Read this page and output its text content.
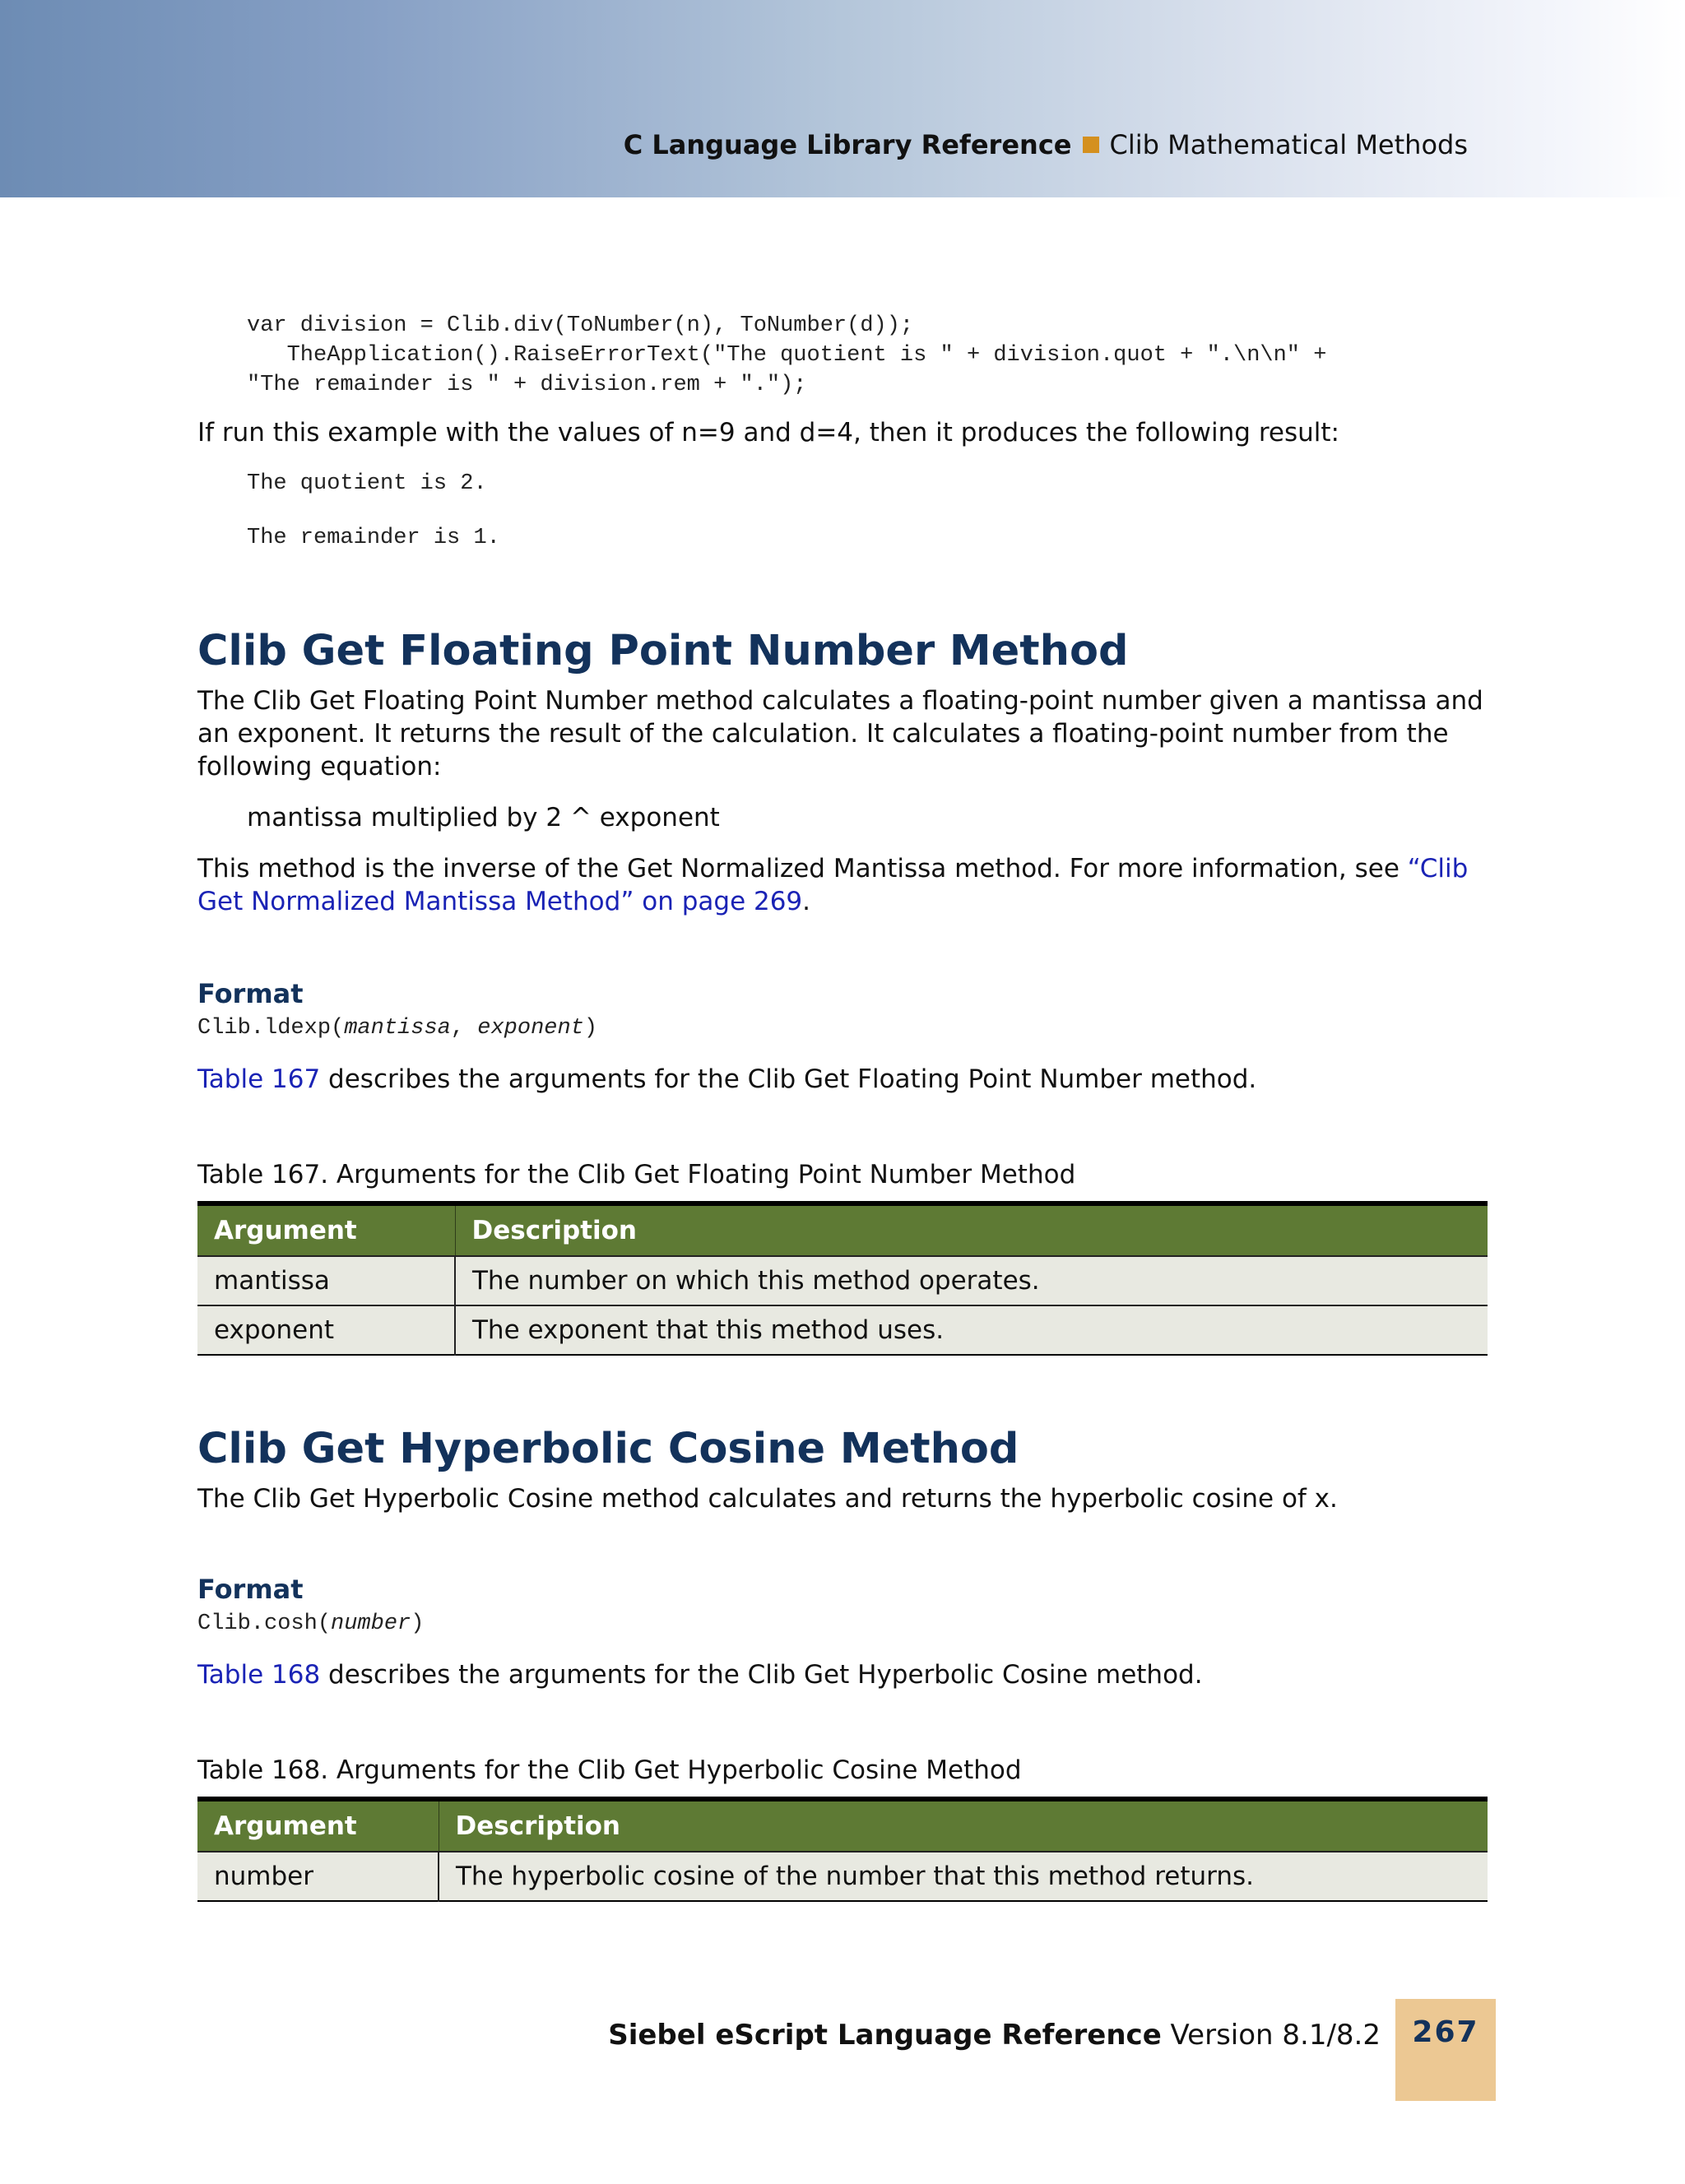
C Language Library Reference Clib Mathematical Methods
var division = Clib.div(ToNumber(n), ToNumber(d));
TheApplication().RaiseErrorText("The quotient is " + division.quot + ".\n\n" +
"The remainder is " + division.rem + ".");

If run this example with the values of n=9 and d=4, then it produces the following result:

The quotient is 2.

The remainder is 1.

Clib Get Floating Point Number Method

The Clib Get Floating Point Number method calculates a floating-point number given a mantissa and an exponent. It returns the result of the calculation. It calculates a floating-point number from the following equation:

mantissa multiplied by 2 ^ exponent

This method is the inverse of the Get Normalized Mantissa method. For more information, see “Clib Get Normalized Mantissa Method” on page 269.

Format

Clib.ldexp(mantissa, exponent)

Table 167 describes the arguments for the Clib Get Floating Point Number method.

Table 167. Arguments for the Clib Get Floating Point Number Method

Argument	Description
mantissa	The number on which this method operates.
exponent	The exponent that this method uses.
Clib Get Hyperbolic Cosine Method

The Clib Get Hyperbolic Cosine method calculates and returns the hyperbolic cosine of x.

Format

Clib.cosh(number)

Table 168 describes the arguments for the Clib Get Hyperbolic Cosine method.

Table 168. Arguments for the Clib Get Hyperbolic Cosine Method

Argument	Description
number	The hyperbolic cosine of the number that this method returns.
Siebel eScript Language Reference Version 8.1/8.2	267
